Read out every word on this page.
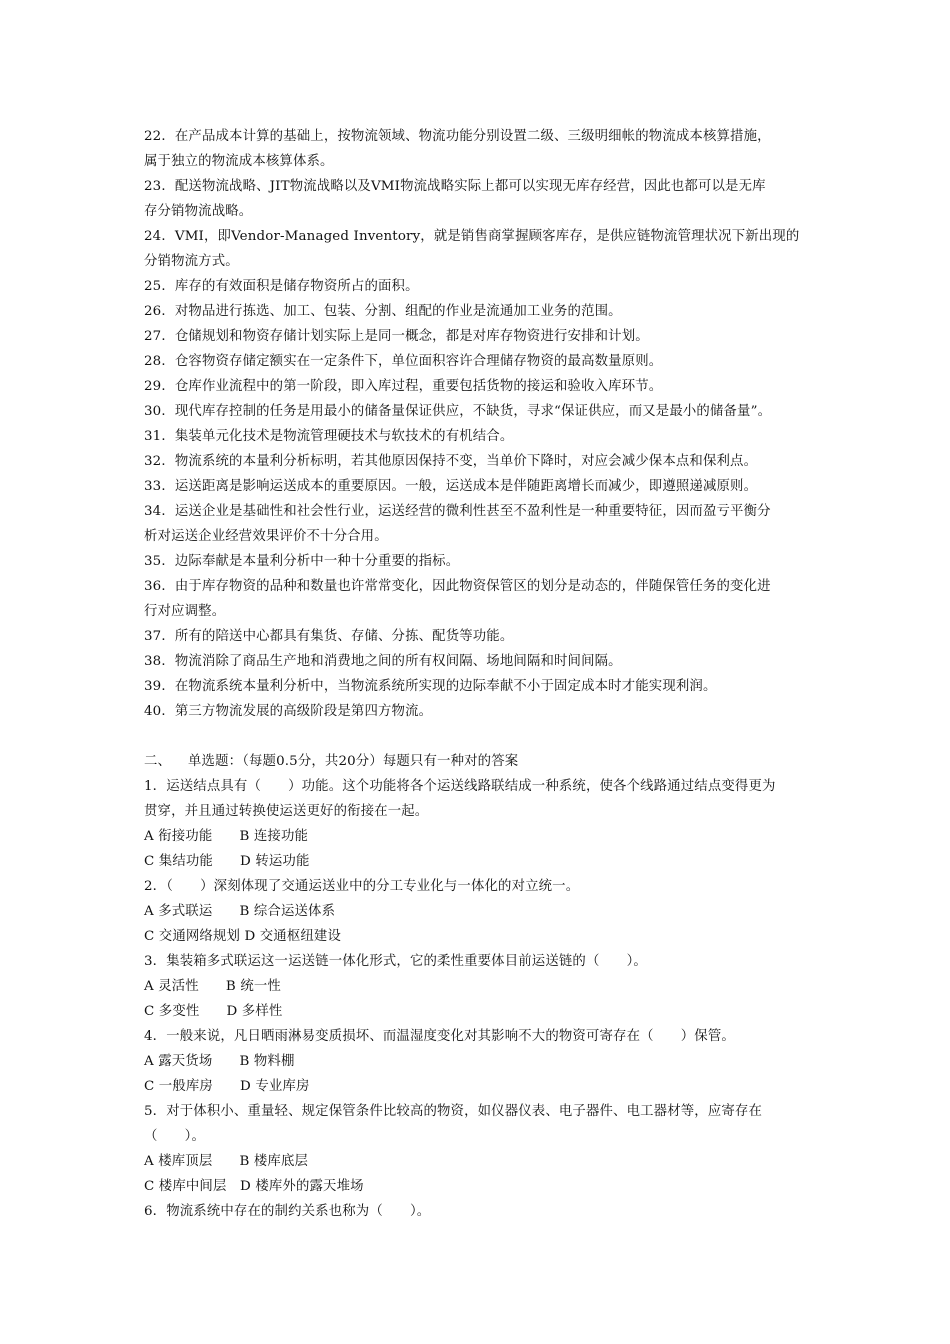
22．在产品成本计算的基础上，按物流领域、物流功能分别设置二级、三级明细帐的物流成本核算措施，
属于独立的物流成本核算体系。
23．配送物流战略、JIT物流战略以及VMI物流战略实际上都可以实现无库存经营，因此也都可以是无库
存分销物流战略。
24．VMI，即Vendor-Managed Inventory，就是销售商掌握顾客库存，是供应链物流管理状况下新出现的
分销物流方式。
25．库存的有效面积是储存物资所占的面积。
26．对物品进行拣选、加工、包装、分割、组配的作业是流通加工业务的范围。
27．仓储规划和物资存储计划实际上是同一概念，都是对库存物资进行安排和计划。
28．仓容物资存储定额实在一定条件下，单位面积容许合理储存物资的最高数量原则。
29．仓库作业流程中的第一阶段，即入库过程，重要包括货物的接运和验收入库环节。
30．现代库存控制的任务是用最小的储备量保证供应，不缺货，寻求“保证供应，而又是最小的储备量”。
31．集装单元化技术是物流管理硬技术与软技术的有机结合。
32．物流系统的本量利分析标明，若其他原因保持不变，当单价下降时，对应会减少保本点和保利点。
33．运送距离是影响运送成本的重要原因。一般，运送成本是伴随距离增长而减少，即遵照递减原则。
34．运送企业是基础性和社会性行业，运送经营的微利性甚至不盈利性是一种重要特征，因而盈亏平衡分
析对运送企业经营效果评价不十分合用。
35．边际奉献是本量利分析中一种十分重要的指标。
36．由于库存物资的品种和数量也许常常变化，因此物资保管区的划分是动态的，伴随保管任务的变化进
行对应调整。
37．所有的陪送中心都具有集货、存储、分拣、配货等功能。
38．物流消除了商品生产地和消费地之间的所有权间隔、场地间隔和时间间隔。
39．在物流系统本量利分析中，当物流系统所实现的边际奉献不小于固定成本时才能实现利润。
40．第三方物流发展的高级阶段是第四方物流。
二、 单选题：（每题0.5分，共20分）每题只有一种对的答案
1．运送结点具有（　　）功能。这个功能将各个运送线路联结成一种系统，使各个线路通过结点变得更为
贯穿，并且通过转换使运送更好的衔接在一起。
A 衔接功能　　B 连接功能
C 集结功能　　D 转运功能
2．（　　）深刻体现了交通运送业中的分工专业化与一体化的对立统一。
A 多式联运　　B 综合运送体系
C 交通网络规划 D 交通枢纽建设
3．集装箱多式联运这一运送链一体化形式，它的柔性重要体目前运送链的（　　）。
A 灵活性　　B 统一性
C 多变性　　D 多样性
4．一般来说，凡日晒雨淋易变质损坏、而温湿度变化对其影响不大的物资可寄存在（　　）保管。
A 露天货场　　B 物料棚
C 一般库房　　D 专业库房
5．对于体积小、重量轻、规定保管条件比较高的物资，如仪器仪表、电子器件、电工器材等，应寄存在
（　　）。
A 楼库顶层　　B 楼库底层
C 楼库中间层　D 楼库外的露天堆场
6．物流系统中存在的制约关系也称为（　　）。
